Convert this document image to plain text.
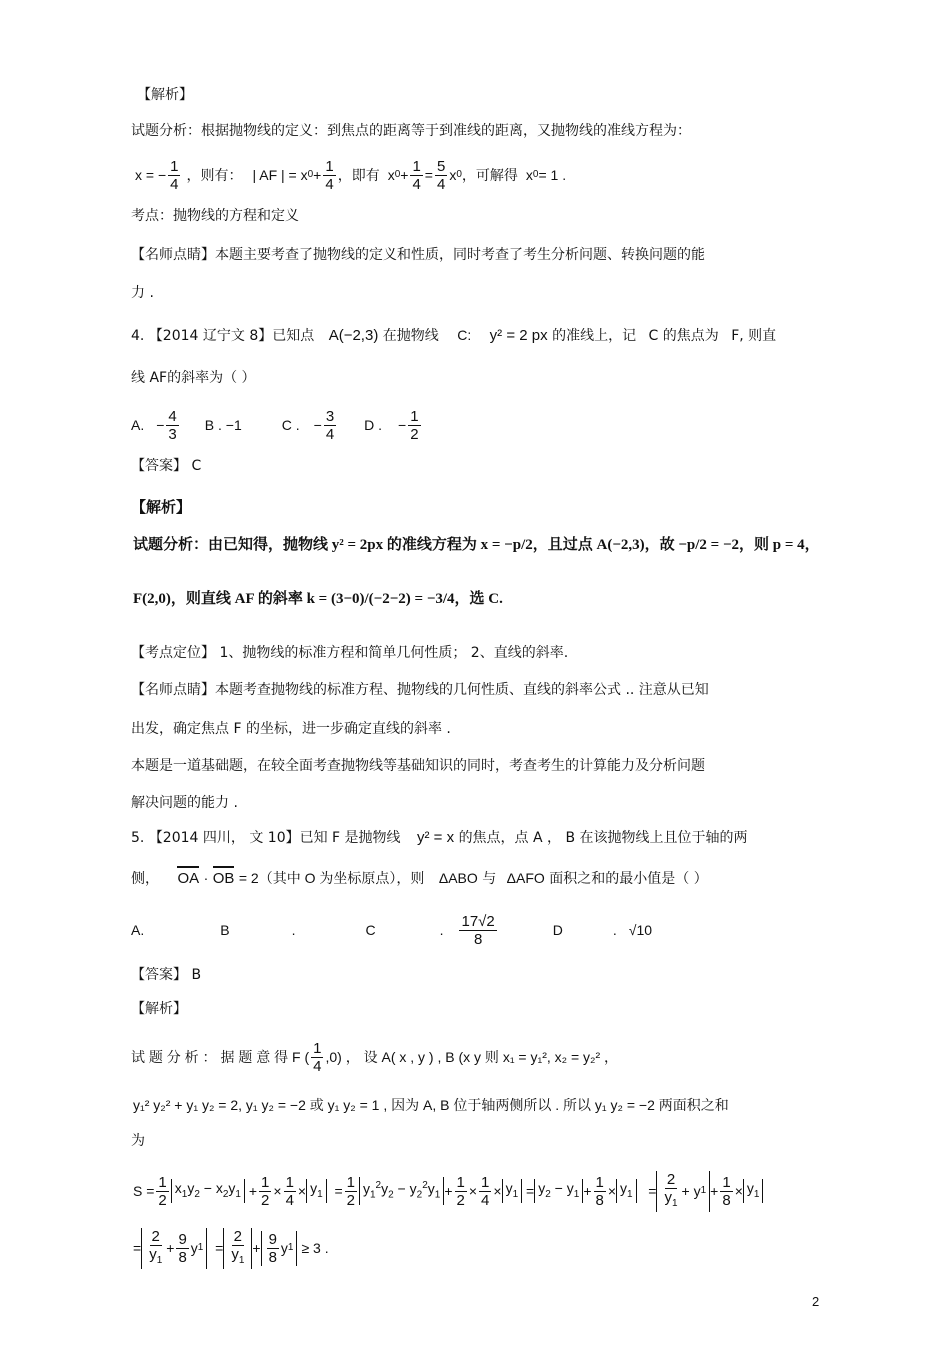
【解析】
试题分析：根据抛物线的定义：到焦点的距离等于到准线的距离，又抛物线的准线方程为：
x = − $\frac{1}{4}$ ，则有： | AF | = x $0 + \frac{1}{4}$ ，即有 x $0 + \frac{1}{4} = \frac{5}{4}$ x 0 ，可解得 x 0 = 1 .
考点：抛物线的方程和定义
【名师点睛】本题主要考查了抛物线的定义和性质，同时考查了考生分析问题、转换问题的能
力 .
4. 【2014 辽宁文 8】已知点 A(−2,3) 在抛物线 C: y² = 2 px 的准线上，记 C 的焦点为 F, 则直
线 AF的斜率为（ ）
A. − $\frac{4}{3}$ B . −1	C . − $\frac{3}{4}$ D . − $\frac{1}{2}$
【答案】 C
【解析】
试题分析：由已知得，抛物线 y² = 2px 的准线方程为 x = −p/2，且过点 A(−2,3)，故 −p/2 = −2，则 p = 4，
F(2,0)，则直线 AF 的斜率 k = (3−0)/(−2−2) = −3/4，选 C.
【考点定位】 1、抛物线的标准方程和简单几何性质； 2、直线的斜率.
【名师点睛】本题考查抛物线的标准方程、抛物线的几何性质、直线的斜率公式 .. 注意从已知
出发，确定焦点 F 的坐标，进一步确定直线的斜率 .
本题是一道基础题，在较全面考查抛物线等基础知识的同时，考查考生的计算能力及分析问题
解决问题的能力 .
5. 【2014 四川， 文 10】已知 F 是抛物线 y² = x 的焦点，点 A ， B 在该抛物线上且位于轴的两
侧， OA · OB = 2（其中 O 为坐标原点），则 ΔABO 与 ΔAFO 面积之和的最小值是（ ）
A.	B	.	C	. $\frac{17√2}{8}$	D	. √10
【答案】 B
【解析】
试 题 分 析 ： 据 题 意 得 F ( $\frac{1}{4} ,0$) ， 设 A( x , y ) , B (x y 则 x₁ = y₁², x₂ = y₂² ，
y₁² y₂² + y₁ y₂ = 2, y₁ y₂ = −2 或 y₁ y₂ = 1 , 因为 A, B 位于轴两侧所以 . 所以 y₁ y₂ = −2 两面积之和
为
$S = \frac{1}{2} x_1y_2 - x_2y_1 + \frac{1}{2} \times \frac{1}{4} \times y_1 = \frac{1}{2} y_1^2y_2 - y_2^2y_1 + \frac{1}{2} \times \frac{1}{4} \times y_1 = y_2 - y_1 + \frac{1}{8} \times y_1 = \frac{2}{y_1} + y$ $1 + \frac{1}{8} \times y_1$
= $\frac{2}{y_1} + \frac{9}{8}$ y $1 = \frac{2}{y_1} + \frac{9}{8}$ y 1 ≥ 3 .
2
